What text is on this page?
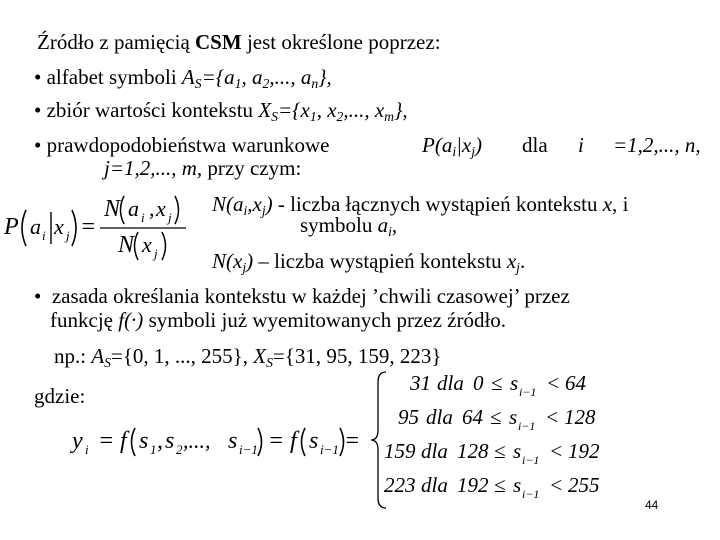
Źródło z pamięcią CSM jest określone poprzez:
• alfabet symboli $A_S=\{a_1$, $a_2$,..., $a_n$},
• zbiór wartości kontekstu $X_S=\{x_1$, $x_2$,..., $x_m$},
• prawdopodobieństwa warunkowe	$P(a_i|x_j)$ dla i =1,2,..., n,
j=1,2,..., m, przy czym:
P a i x j =
N a i , x j
N x j
$N(a_i,x_j)$ - liczba łącznych wystąpień kontekstu x, i
symbolu $a_i$,
$N(x_j)$ – liczba wystąpień kontekstu $x_j$.
• zasada określania kontekstu w każdej ’chwili czasowej’ przez
funkcję f(·) symboli już wyemitowanych przez źródło.
np.: $A_S=\{0$, 1, ..., 255}, $X_S=\{31$, 95, 159, 223}
gdzie:
y i = f s 1 , s 2 ,..., s i−1 = f s i−1 =
31 dla 0 ≤ s i−1 < 64
95 dla 64 ≤ s i−1 < 128
159 dla 128 ≤ s i−1 < 192
223 dla 192 ≤ s i−1 < 255
44
